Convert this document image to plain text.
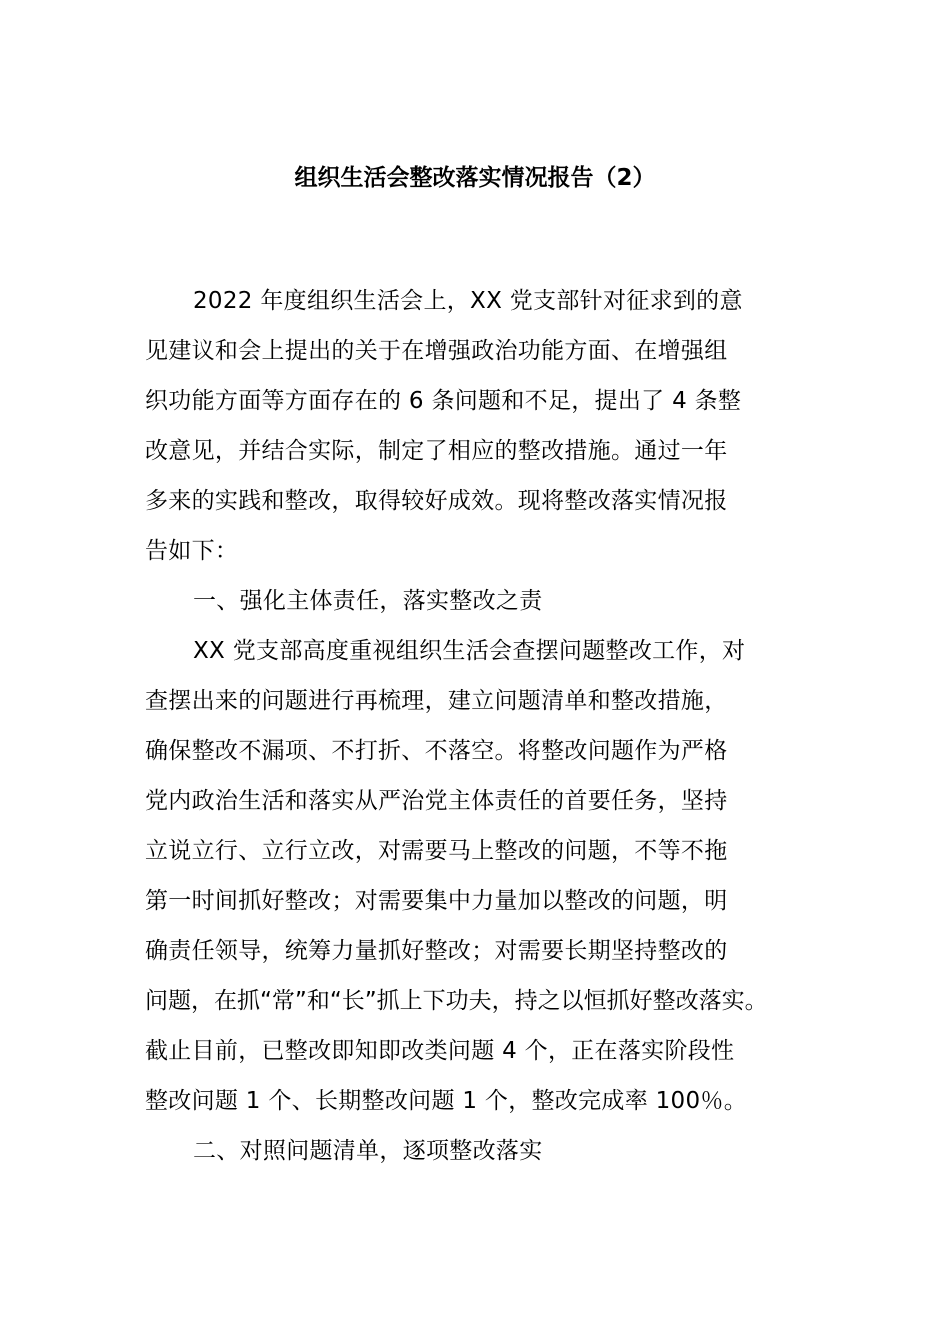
组织生活会整改落实情况报告（2）
2022 年度组织生活会上，XX 党支部针对征求到的意
见建议和会上提出的关于在增强政治功能方面、在增强组
织功能方面等方面存在的 6 条问题和不足，提出了 4 条整
改意见，并结合实际，制定了相应的整改措施。通过一年
多来的实践和整改，取得较好成效。现将整改落实情况报
告如下：
一、强化主体责任，落实整改之责
XX 党支部高度重视组织生活会查摆问题整改工作，对
查摆出来的问题进行再梳理，建立问题清单和整改措施，
确保整改不漏项、不打折、不落空。将整改问题作为严格
党内政治生活和落实从严治党主体责任的首要任务，坚持
立说立行、立行立改，对需要马上整改的问题，不等不拖
第一时间抓好整改；对需要集中力量加以整改的问题，明
确责任领导，统筹力量抓好整改；对需要长期坚持整改的
问题，在抓“常”和“长”抓上下功夫，持之以恒抓好整改落实。
截止目前，已整改即知即改类问题 4 个，正在落实阶段性
整改问题 1 个、长期整改问题 1 个，整改完成率 100％。
二、对照问题清单，逐项整改落实
